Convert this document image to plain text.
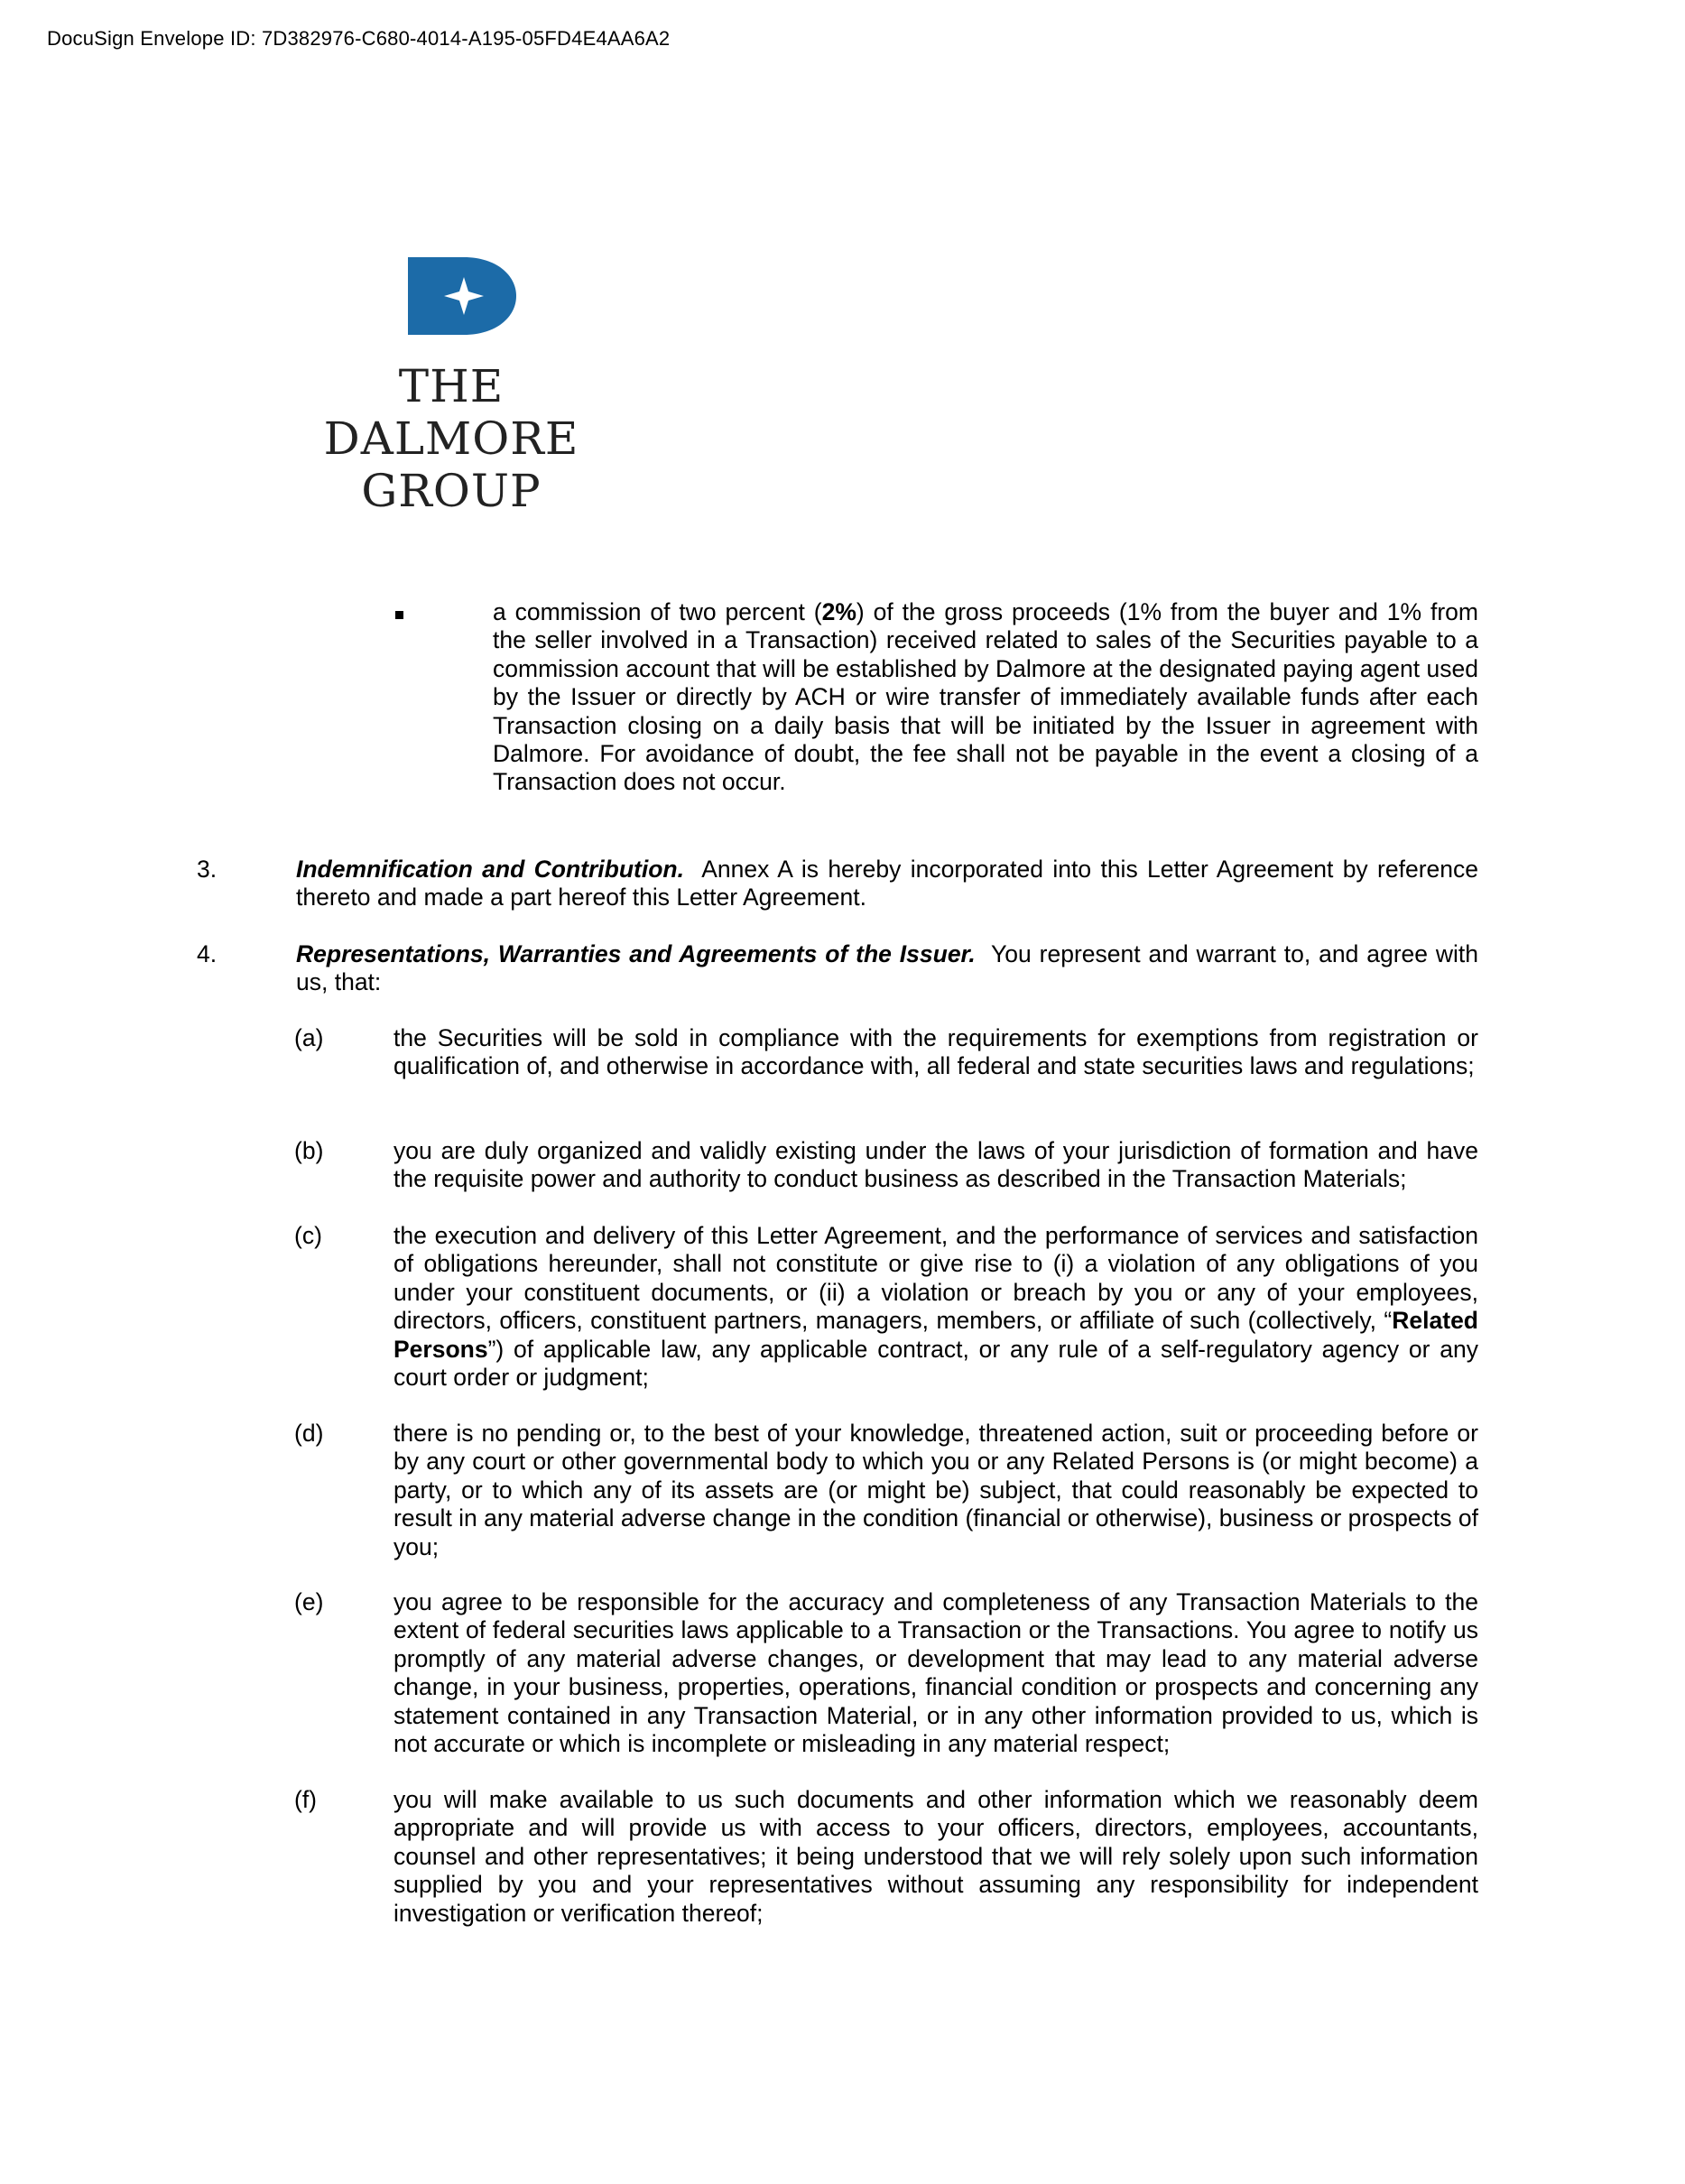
DocuSign Envelope ID: 7D382976-C680-4014-A195-05FD4E4AA6A2
THE
DALMORE
GROUP

a commission of two percent (2%) of the gross proceeds (1% from the buyer and 1% from the seller involved in a Transaction) received related to sales of the Securities payable to a commission account that will be established by Dalmore at the designated paying agent used by the Issuer or directly by ACH or wire transfer of immediately available funds after each Transaction closing on a daily basis that will be initiated by the Issuer in agreement with Dalmore. For avoidance of doubt, the fee shall not be payable in the event a closing of a Transaction does not occur.

3.	Indemnification and Contribution. Annex A is hereby incorporated into this Letter Agreement by reference thereto and made a part hereof this Letter Agreement.

4.	Representations, Warranties and Agreements of the Issuer. You represent and warrant to, and agree with us, that:

(a)	the Securities will be sold in compliance with the requirements for exemptions from registration or qualification of, and otherwise in accordance with, all federal and state securities laws and regulations;

(b)	you are duly organized and validly existing under the laws of your jurisdiction of formation and have the requisite power and authority to conduct business as described in the Transaction Materials;

(c)	the execution and delivery of this Letter Agreement, and the performance of services and satisfaction of obligations hereunder, shall not constitute or give rise to (i) a violation of any obligations of you under your constituent documents, or (ii) a violation or breach by you or any of your employees, directors, officers, constituent partners, managers, members, or affiliate of such (collectively, “Related Persons”) of applicable law, any applicable contract, or any rule of a self-regulatory agency or any court order or judgment;

(d)	there is no pending or, to the best of your knowledge, threatened action, suit or proceeding before or by any court or other governmental body to which you or any Related Persons is (or might become) a party, or to which any of its assets are (or might be) subject, that could reasonably be expected to result in any material adverse change in the condition (financial or otherwise), business or prospects of you;

(e)	you agree to be responsible for the accuracy and completeness of any Transaction Materials to the extent of federal securities laws applicable to a Transaction or the Transactions. You agree to notify us promptly of any material adverse changes, or development that may lead to any material adverse change, in your business, properties, operations, financial condition or prospects and concerning any statement contained in any Transaction Material, or in any other information provided to us, which is not accurate or which is incomplete or misleading in any material respect;

(f)	you will make available to us such documents and other information which we reasonably deem appropriate and will provide us with access to your officers, directors, employees, accountants, counsel and other representatives; it being understood that we will rely solely upon such information supplied by you and your representatives without assuming any responsibility for independent investigation or verification thereof;
